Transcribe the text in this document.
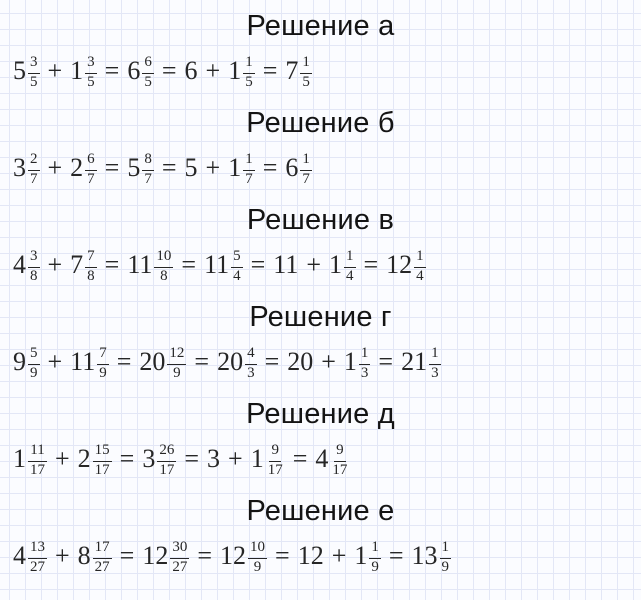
Решение а
$5 \frac{3}{5} + 1 \frac{3}{5} = 6 \frac{6}{5} = 6 + 1 \frac{1}{5} = 7 \frac{1}{5}$
Решение б
$3 \frac{2}{7} + 2 \frac{6}{7} = 5 \frac{8}{7} = 5 + 1 \frac{1}{7} = 6 \frac{1}{7}$
Решение в
$4 \frac{3}{8} + 7 \frac{7}{8} = 11 \frac{10}{8} = 11 \frac{5}{4} = 11 + 1 \frac{1}{4} = 12 \frac{1}{4}$
Решение г
$9 \frac{5}{9} + 11 \frac{7}{9} = 20 \frac{12}{9} = 20 \frac{4}{3} = 20 + 1 \frac{1}{3} = 21 \frac{1}{3}$
Решение д
$1 \frac{11}{17} + 2 \frac{15}{17} = 3 \frac{26}{17} = 3 + 1 \frac{9}{17} = 4 \frac{9}{17}$
Решение е
$4 \frac{13}{27} + 8 \frac{17}{27} = 12 \frac{30}{27} = 12 \frac{10}{9} = 12 + 1 \frac{1}{9} = 13 \frac{1}{9}$
